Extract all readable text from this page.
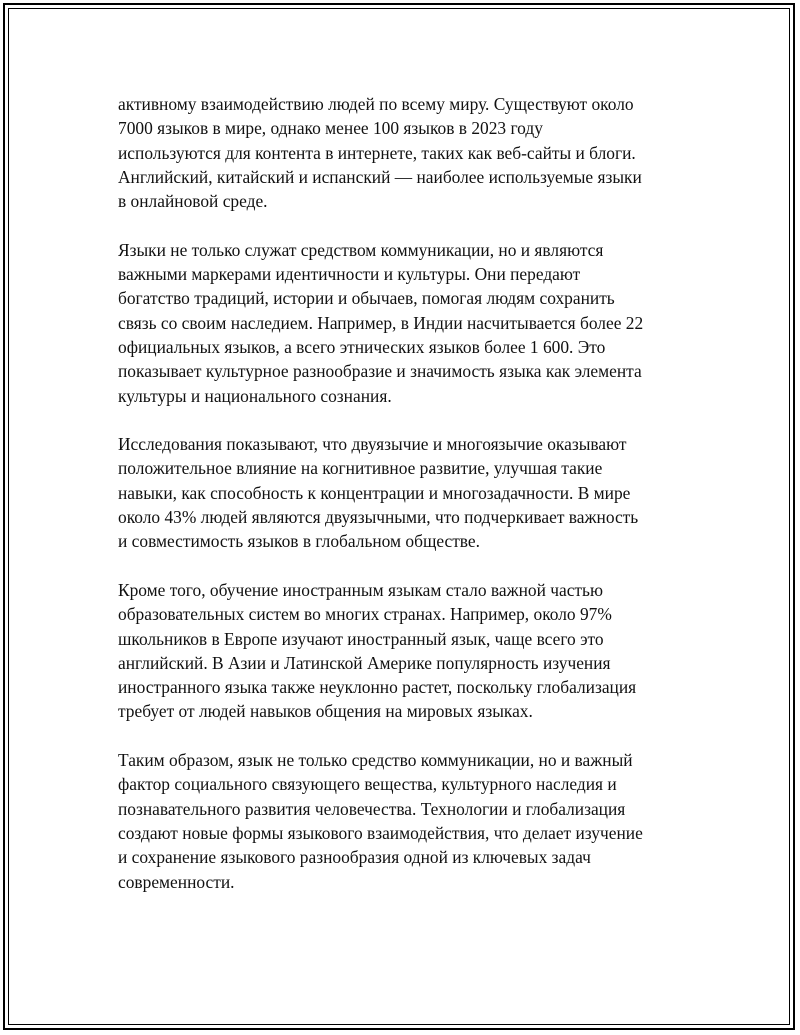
активному взаимодействию людей по всему миру. Существуют около
7000 языков в мире, однако менее 100 языков в 2023 году
используются для контента в интернете, таких как веб-сайты и блоги.
Английский, китайский и испанский — наиболее используемые языки
в онлайновой среде.

Языки не только служат средством коммуникации, но и являются
важными маркерами идентичности и культуры. Они передают
богатство традиций, истории и обычаев, помогая людям сохранить
связь со своим наследием. Например, в Индии насчитывается более 22
официальных языков, а всего этнических языков более 1 600. Это
показывает культурное разнообразие и значимость языка как элемента
культуры и национального сознания.

Исследования показывают, что двуязычие и многоязычие оказывают
положительное влияние на когнитивное развитие, улучшая такие
навыки, как способность к концентрации и многозадачности. В мире
около 43% людей являются двуязычными, что подчеркивает важность
и совместимость языков в глобальном обществе.

Кроме того, обучение иностранным языкам стало важной частью
образовательных систем во многих странах. Например, около 97%
школьников в Европе изучают иностранный язык, чаще всего это
английский. В Азии и Латинской Америке популярность изучения
иностранного языка также неуклонно растет, поскольку глобализация
требует от людей навыков общения на мировых языках.

Таким образом, язык не только средство коммуникации, но и важный
фактор социального связующего вещества, культурного наследия и
познавательного развития человечества. Технологии и глобализация
создают новые формы языкового взаимодействия, что делает изучение
и сохранение языкового разнообразия одной из ключевых задач
современности.
